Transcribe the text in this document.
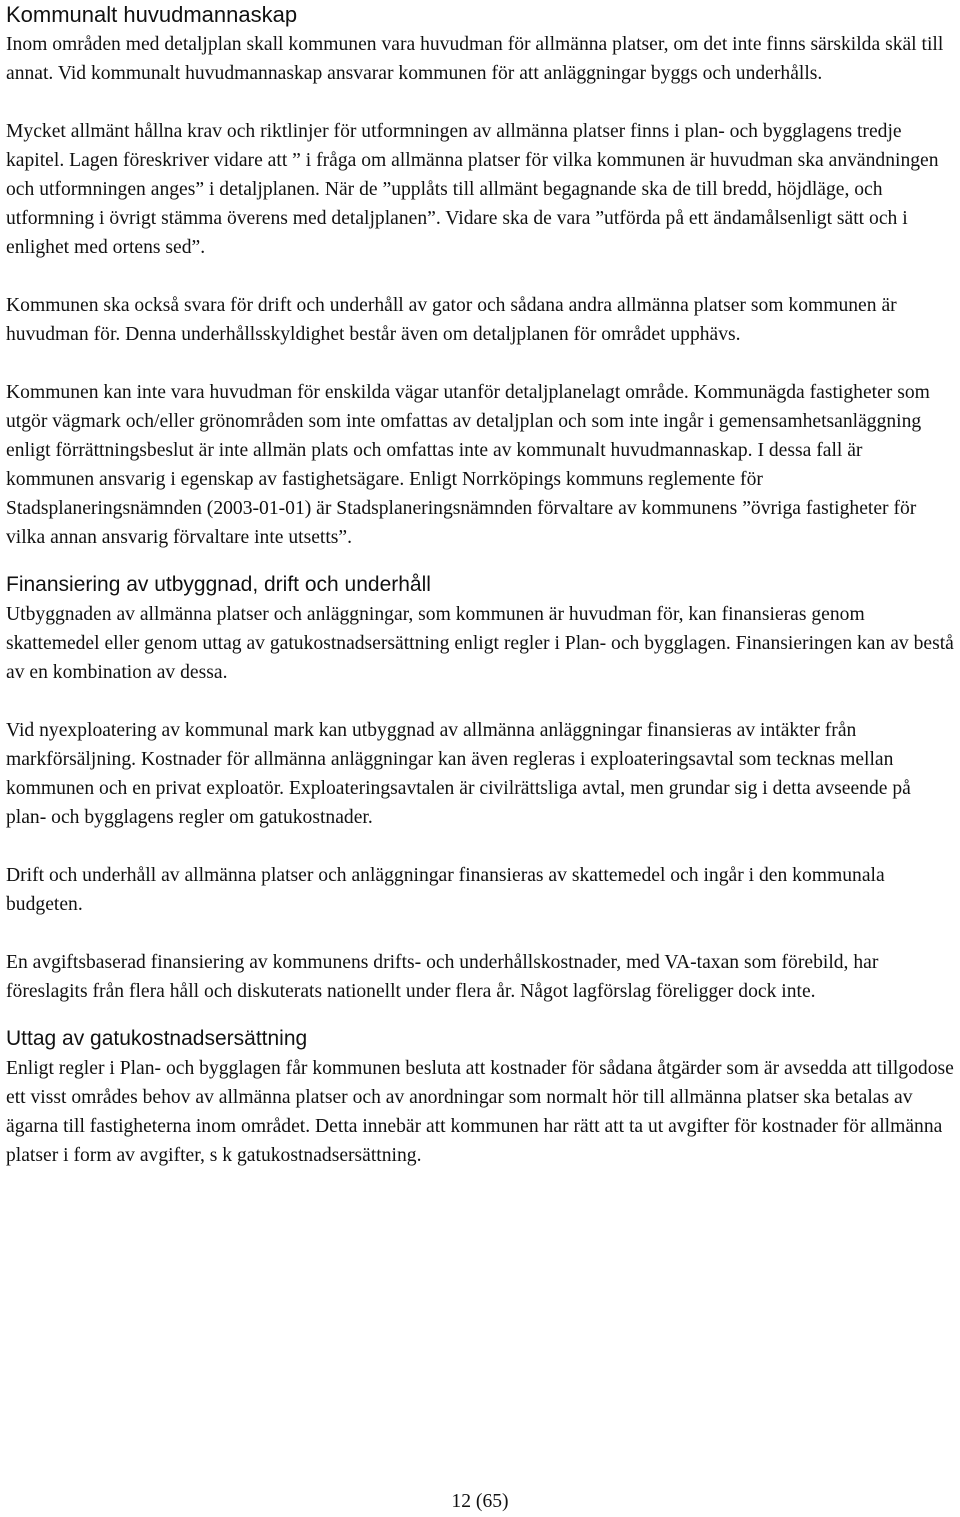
Kommunalt huvudmannaskap

Inom områden med detaljplan skall kommunen vara huvudman för allmänna platser, om det inte finns särskilda skäl till annat. Vid kommunalt huvudmannaskap ansvarar kommunen för att anläggningar byggs och underhålls.

Mycket allmänt hållna krav och riktlinjer för utformningen av allmänna platser finns i plan- och bygglagens tredje kapitel. Lagen föreskriver vidare att ” i fråga om allmänna platser för vilka kommunen är huvudman ska användningen och utformningen anges” i detaljplanen. När de ”upplåts till allmänt begagnande ska de till bredd, höjdläge, och utformning i övrigt stämma överens med detaljplanen”. Vidare ska de vara ”utförda på ett ändamålsenligt sätt och i enlighet med ortens sed”.

Kommunen ska också svara för drift och underhåll av gator och sådana andra allmänna platser som kommunen är huvudman för. Denna underhållsskyldighet består även om detaljplanen för området upphävs.

Kommunen kan inte vara huvudman för enskilda vägar utanför detaljplanelagt område. Kommunägda fastigheter som utgör vägmark och/eller grönområden som inte omfattas av detaljplan och som inte ingår i gemensamhetsanläggning enligt förrättningsbeslut är inte allmän plats och omfattas inte av kommunalt huvudmannaskap. I dessa fall är kommunen ansvarig i egenskap av fastighetsägare. Enligt Norrköpings kommuns reglemente för Stadsplaneringsnämnden (2003-01-01) är Stadsplaneringsnämnden förvaltare av kommunens ”övriga fastigheter för vilka annan ansvarig förvaltare inte utsetts”.

Finansiering av utbyggnad, drift och underhåll

Utbyggnaden av allmänna platser och anläggningar, som kommunen är huvudman för, kan finansieras genom skattemedel eller genom uttag av gatukostnadsersättning enligt regler i Plan- och bygglagen. Finansieringen kan av bestå av en kombination av dessa.

Vid nyexploatering av kommunal mark kan utbyggnad av allmänna anläggningar finansieras av intäkter från markförsäljning. Kostnader för allmänna anläggningar kan även regleras i exploateringsavtal som tecknas mellan kommunen och en privat exploatör. Exploateringsavtalen är civilrättsliga avtal, men grundar sig i detta avseende på plan- och bygglagens regler om gatukostnader.

Drift och underhåll av allmänna platser och anläggningar finansieras av skattemedel och ingår i den kommunala budgeten.

En avgiftsbaserad finansiering av kommunens drifts- och underhållskostnader, med VA-taxan som förebild, har föreslagits från flera håll och diskuterats nationellt under flera år. Något lagförslag föreligger dock inte.

Uttag av gatukostnadsersättning

Enligt regler i Plan- och bygglagen får kommunen besluta att kostnader för sådana åtgärder som är avsedda att tillgodose ett visst områdes behov av allmänna platser och av anordningar som normalt hör till allmänna platser ska betalas av ägarna till fastigheterna inom området. Detta innebär att kommunen har rätt att ta ut avgifter för kostnader för allmänna platser i form av avgifter, s k gatukostnadsersättning.

12 (65)
